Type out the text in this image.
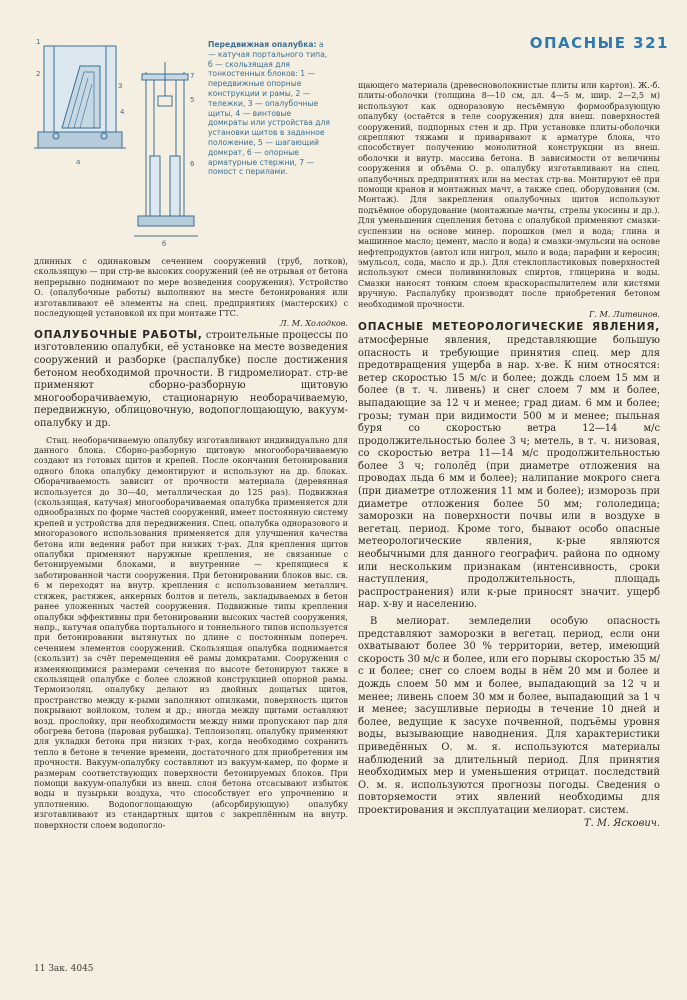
ОПАСНЫЕ 321
1
2
3
4
5
6
7
а
б
Передвижная опалубка: а — катучая портального типа, б — скользящая для тонкостенных блоков: 1 — передвижные опорные конструкции и рамы, 2 — тележки, 3 — опалубочные щиты, 4 — винтовые домкраты или устройства для установки щитов в заданное положение, 5 — шагающий домкрат, 6 — опорные арматурные стержни, 7 — помост с перилами.

длинных с одинаковым сечением сооружений (труб, лотков), скользящую — при стр-ве высоких сооружений (её не отрывая от бетона непрерывно поднимают по мере возведения сооружения). Устройство О. (опалубочные работы) выполняют на месте бетонирования или изготавливают её элементы на спец. предприятиях (мастерских) с последующей установкой их при монтаже ГТС.
Л. М. Холодков.

ОПАЛУБОЧНЫЕ РАБОТЫ, строительные процессы по изготовлению опалубки, её установке на месте возведения сооружений и разборке (распалубке) после достижения бетоном необходимой прочности. В гидромелиорат. стр-ве применяют сборно-разборную щитовую многооборачиваемую, стационарную необорачиваемую, передвижную, облицовочную, водопоглощающую, вакуум-опалубку и др.

Стац. необорачиваемую опалубку изготавливают индивидуально для данного блока. Сборно-разборную щитовую многооборачиваемую создают из готовых щитов и крепей. После окончания бетонирования одного блока опалубку демонтируют и используют на др. блоках. Оборачиваемость зависит от прочности материала (деревянная используется до 30—40, металлическая до 125 раз). Подвижная (скользящая, катучая) многооборачиваемая опалубка применяется для однообразных по форме частей сооружений, имеет постоянную систему крепей и устройства для передвижения. Спец. опалубка одноразового и многоразового использования применяется для улучшения качества бетона или ведения работ при низких т-рах. Для крепления щитов опалубки применяют наружные крепления, не связанные с бетонируемыми блоками, и внутренние — крепящиеся к заботированной части сооружения. При бетонировании блоков выс. св. 6 м переходят на внутр. крепления с использованием металлич. стяжек, растяжек, анкерных болтов и петель, закладываемых в бетон ранее уложенных частей сооружения. Подвижные типы крепления опалубки эффективны при бетонировании высоких частей сооружения, напр., катучая опалубка портального и тоннельного типов используется при бетонировании вытянутых по длине с постоянным попереч. сечением элементов сооружений. Скользящая опалубка поднимается (скользит) за счёт перемещения её рамы домкратами. Сооружения с изменяющимися размерами сечения по высоте бетонируют также в скользящей опалубке с более сложной конструкцией опорной рамы. Термоизоляц. опалубку делают из двойных дощатых щитов, пространство между к-рыми заполняют опилками, поверхность щитов покрывают войлоком, толем и др.; иногда между щитами оставляют возд. прослойку, при необходимости между ними пропускают пар для обогрева бетона (паровая рубашка). Теплоизоляц. опалубку применяют для укладки бетона при низких т-рах, когда необходимо сохранить тепло в бетоне в течение времени, достаточного для приобретения им прочности. Вакуум-опалубку составляют из вакуум-камер, по форме и размерам соответствующих поверхности бетонируемых блоков. При помощи вакуум-опалубки из внеш. слоя бетона отсасывают избыток воды и пузырьки воздуха, что способствует его упрочнению и уплотнению. Водопоглощающую (абсорбирующую) опалубку изготавливают из стандартных щитов с закреплённым на внутр. поверхности слоем водопогло-

щающего материала (древесноволокнистые плиты или картон). Ж.-б. плиты-оболочки (толщина 8—10 см, дл. 4—5 м, шир. 2—2,5 м) используют как одноразовую несъёмную формообразующую опалубку (остаётся в теле сооружения) для внеш. поверхностей сооружений, подпорных стен и др. При установке плиты-оболочки скрепляют тяжами и приваривают к арматуре блока, что способствует получению монолитной конструкции из внеш. оболочки и внутр. массива бетона. В зависимости от величины сооружения и объёма О. р. опалубку изготавливают на спец. опалубочных предприятиях или на местах стр-ва. Монтируют её при помощи кранов и монтажных мачт, а также спец. оборудования (см. Монтаж). Для закрепления опалубочных щитов используют подъёмное оборудование (монтажные мачты, стрелы укосины и др.). Для уменьшения сцепления бетона с опалубкой применяют смазки-суспензии на основе минер. порошков (мел и вода; глина и машинное масло; цемент, масло и вода) и смазки-эмульсии на основе нефтепродуктов (автол или нигрол, мыло и вода; парафин и керосин; эмульсол, сода, масло и др.). Для стеклопластиковых поверхностей используют смеси поливиниловых спиртов, глицерина и воды. Смазки наносят тонким слоем краскораспылителем или кистями вручную. Распалубку производят после приобретения бетоном необходимой прочности.
Г. М. Литвинов.

ОПАСНЫЕ МЕТЕОРОЛОГИЧЕСКИЕ ЯВЛЕНИЯ, атмосферные явления, представляющие большую опасность и требующие принятия спец. мер для предотвращения ущерба в нар. х-ве. К ним относятся: ветер скоростью 15 м/с и более; дождь слоем 15 мм и более (в т. ч. ливень) и снег слоем 7 мм и более, выпадающие за 12 ч и менее; град диам. 6 мм и более; грозы; туман при видимости 500 м и менее; пыльная буря со скоростью ветра 12—14 м/с продолжительностью более 3 ч; метель, в т. ч. низовая, со скоростью ветра 11—14 м/с продолжительностью более 3 ч; гололёд (при диаметре отложения на проводах льда 6 мм и более); налипание мокрого снега (при диаметре отложения 11 мм и более); изморозь при диаметре отложения более 50 мм; гололедица; заморозки на поверхности почвы или в воздухе в вегетац. период. Кроме того, бывают особо опасные метеорологические явления, к-рые являются необычными для данного географич. района по одному или нескольким признакам (интенсивность, сроки наступления, продолжительность, площадь распространения) или к-рые приносят значит. ущерб нар. х-ву и населению.

В мелиорат. земледелии особую опасность представляют заморозки в вегетац. период, если они охватывают более 30 % территории, ветер, имеющий скорость 30 м/с и более, или его порывы скоростью 35 м/с и более; снег со слоем воды в нём 20 мм и более и дождь слоем 50 мм и более, выпадающий за 12 ч и менее; ливень слоем 30 мм и более, выпадающий за 1 ч и менее; засушливые периоды в течение 10 дней и более, ведущие к засухе почвенной, подъёмы уровня воды, вызывающие наводнения. Для характеристики приведённых О. м. я. используются материалы наблюдений за длительный период. Для принятия необходимых мер и уменьшения отрицат. последствий О. м. я. используются прогнозы погоды. Сведения о повторяемости этих явлений необходимы для проектирования и эксплуатации мелиорат. систем.
Т. М. Яскович.

11 Зак. 4045
